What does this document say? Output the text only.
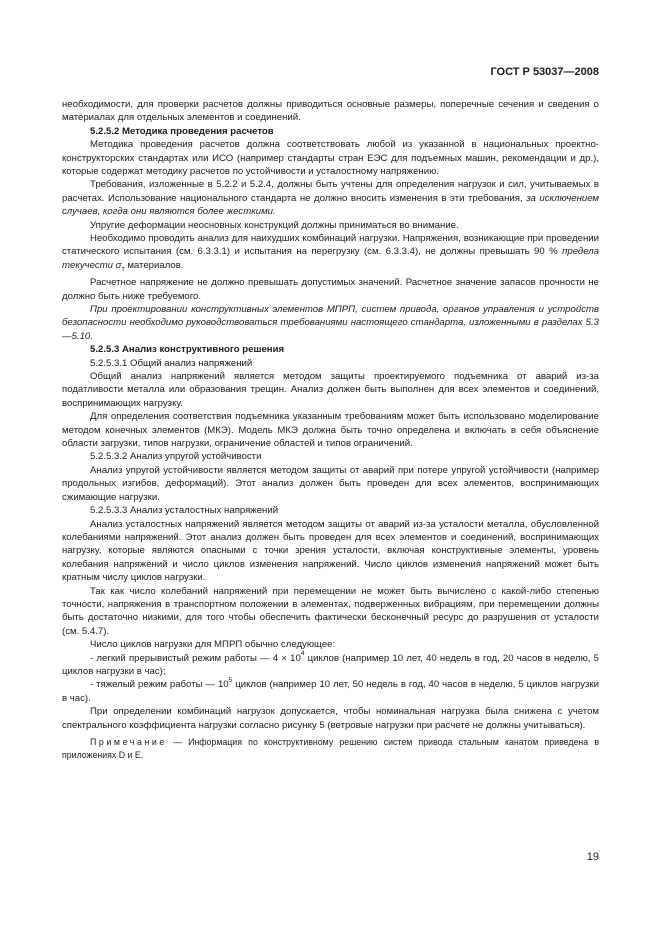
ГОСТ Р 53037—2008

необходимости, для проверки расчетов должны приводиться основные размеры, поперечные сечения и сведения о материалах для отдельных элементов и соединений.

5.2.5.2 Методика проведения расчетов

Методика проведения расчетов должна соответствовать любой из указанной в национальных проектно-конструкторских стандартах или ИСО (например стандарты стран ЕЭС для подъемных машин, рекомендации и др.), которые содержат методику расчетов по устойчивости и усталостному напряжению.

Требования, изложенные в 5.2.2 и 5.2.4, должны быть учтены для определения нагрузок и сил, учитываемых в расчетах. Использование национального стандарта не должно вносить изменения в эти требования, за исключением случаев, когда они являются более жесткими.

Упругие деформации неосновных конструкций должны приниматься во внимание.

Необходимо проводить анализ для наихудших комбинаций нагрузки. Напряжения, возникающие при проведении статического испытания (см. 6.3.3.1) и испытания на перегрузку (см. 6.3.3.4), не должны превышать 90 % предела текучести $\sigma_т$ материалов.

Расчетное напряжение не должно превышать допустимых значений. Расчетное значение запасов прочности не должно быть ниже требуемого.

При проектировании конструктивных элементов МПРП, систем привода, органов управления и устройств безопасности необходимо руководствоваться требованиями настоящего стандарта, изложенными в разделах 5.3—5.10.

5.2.5.3 Анализ конструктивного решения

5.2.5.3.1 Общий анализ напряжений

Общий анализ напряжений является методом защиты проектируемого подъемника от аварий из-за податливости металла или образования трещин. Анализ должен быть выполнен для всех элементов и соединений, воспринимающих нагрузку.

Для определения соответствия подъемника указанным требованиям может быть использовано моделирование методом конечных элементов (МКЭ). Модель МКЭ должна быть точно определена и включать в себя объяснение области загрузки, типов нагрузки, ограничение областей и типов ограничений.

5.2.5.3.2 Анализ упругой устойчивости

Анализ упругой устойчивости является методом защиты от аварий при потере упругой устойчивости (например продольных изгибов, деформаций). Этот анализ должен быть проведен для всех элементов, воспринимающих сжимающие нагрузки.

5.2.5.3.3 Анализ усталостных напряжений

Анализ усталостных напряжений является методом защиты от аварий из-за усталости металла, обусловленной колебаниями напряжений. Этот анализ должен быть проведен для всех элементов и соединений, воспринимающих нагрузку, которые являются опасными с точки зрения усталости, включая конструктивные элементы, уровень колебания напряжений и число циклов изменения напряжений. Число циклов изменения напряжений может быть кратным числу циклов нагрузки.

Так как число колебаний напряжений при перемещении не может быть вычислено с какой-либо степенью точности, напряжения в транспортном положении в элементах, подверженных вибрациям, при перемещении должны быть достаточно низкими, для того чтобы обеспечить фактически бесконечный ресурс до разрушения от усталости (см. 5.4.7).

Число циклов нагрузки для МПРП обычно следующее:

- легкий прерывистый режим работы — $4 \times 10^4$ циклов (например 10 лет, 40 недель в год, 20 часов в неделю, 5 циклов нагрузки в час);

- тяжелый режим работы — $10^5$ циклов (например 10 лет, 50 недель в год, 40 часов в неделю, 5 циклов нагрузки в час).

При определении комбинаций нагрузок допускается, чтобы номинальная нагрузка была снижена с учетом спектрального коэффициента нагрузки согласно рисунку 5 (ветровые нагрузки при расчете не должны учитываться).

Примечание — Информация по конструктивному решению систем привода стальным канатом приведена в приложениях D и E.

19
